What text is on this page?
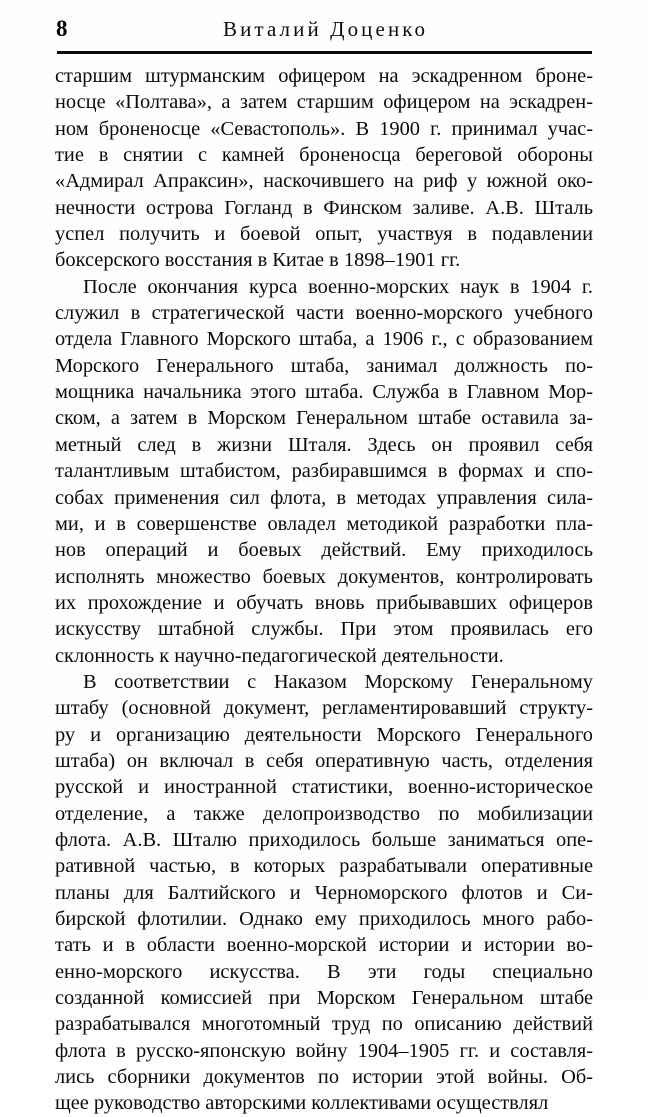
8	Виталий Доценко

старшим штурманским офицером на эскадренном броне-
носце «Полтава», а затем старшим офицером на эскадрен-
ном броненосце «Севастополь». В 1900 г. принимал учас-
тие в снятии с камней броненосца береговой обороны
«Адмирал Апраксин», наскочившего на риф у южной око-
нечности острова Гогланд в Финском заливе. А.В. Шталь
успел получить и боевой опыт, участвуя в подавлении
боксерского восстания в Китае в 1898–1901 гг.

После окончания курса военно-морских наук в 1904 г.
служил в стратегической части военно-морского учебного
отдела Главного Морского штаба, а 1906 г., с образованием
Морского Генерального штаба, занимал должность по-
мощника начальника этого штаба. Служба в Главном Мор-
ском, а затем в Морском Генеральном штабе оставила за-
метный след в жизни Шталя. Здесь он проявил себя
талантливым штабистом, разбиравшимся в формах и спо-
собах применения сил флота, в методах управления сила-
ми, и в совершенстве овладел методикой разработки пла-
нов операций и боевых действий. Ему приходилось
исполнять множество боевых документов, контролировать
их прохождение и обучать вновь прибывавших офицеров
искусству штабной службы. При этом проявилась его
склонность к научно-педагогической деятельности.

В соответствии с Наказом Морскому Генеральному
штабу (основной документ, регламентировавший структу-
ру и организацию деятельности Морского Генерального
штаба) он включал в себя оперативную часть, отделения
русской и иностранной статистики, военно-историческое
отделение, а также делопроизводство по мобилизации
флота. А.В. Шталю приходилось больше заниматься опе-
ративной частью, в которых разрабатывали оперативные
планы для Балтийского и Черноморского флотов и Си-
бирской флотилии. Однако ему приходилось много рабо-
тать и в области военно-морской истории и истории во-
енно-морского искусства. В эти годы специально
созданной комиссией при Морском Генеральном штабе
разрабатывался многотомный труд по описанию действий
флота в русско-японскую войну 1904–1905 гг. и составля-
лись сборники документов по истории этой войны. Об-
щее руководство авторскими коллективами осуществлял
